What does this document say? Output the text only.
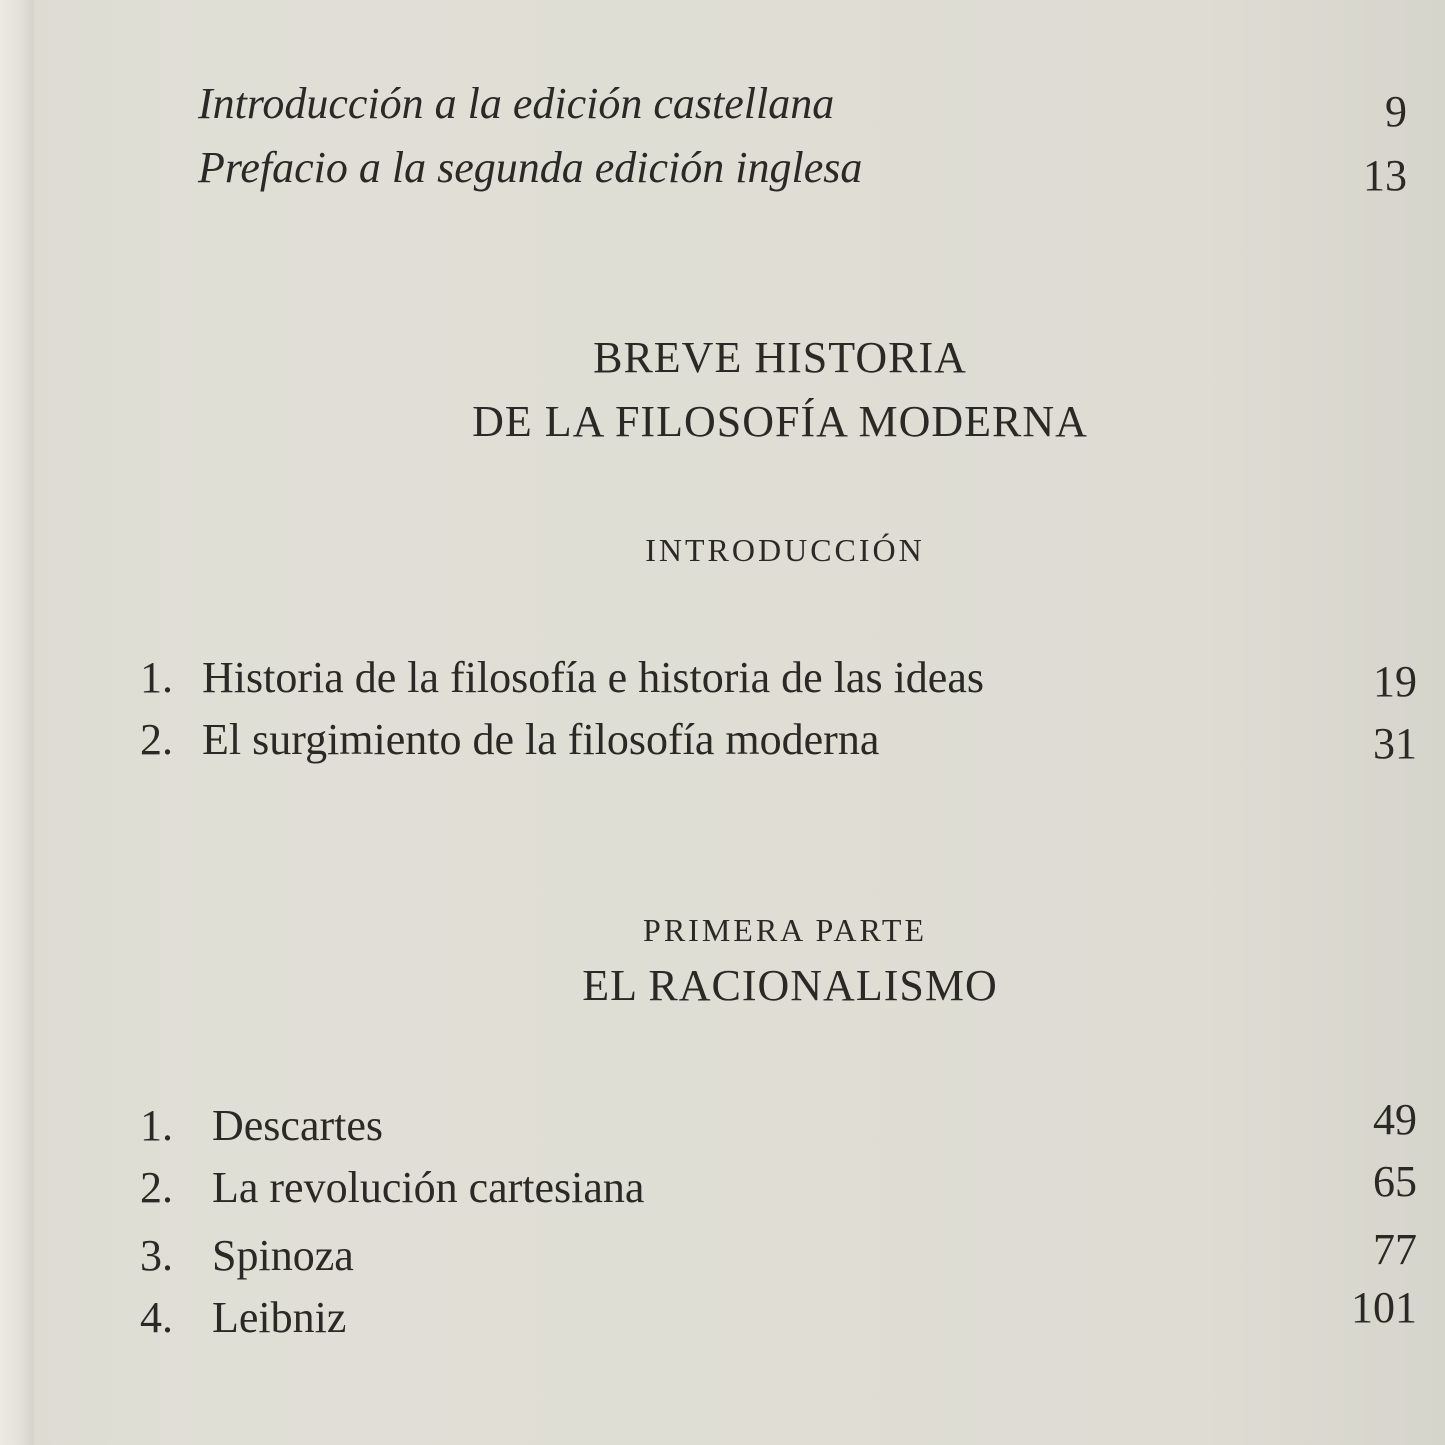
Introducción a la edición castellana	9
Prefacio a la segunda edición inglesa	13
BREVE HISTORIA
DE LA FILOSOFÍA MODERNA
INTRODUCCIÓN
1. Historia de la filosofía e historia de las ideas	19
2. El surgimiento de la filosofía moderna	31
PRIMERA PARTE
EL RACIONALISMO
1. Descartes	49
2. La revolución cartesiana	65
3. Spinoza	77
4. Leibniz	101
